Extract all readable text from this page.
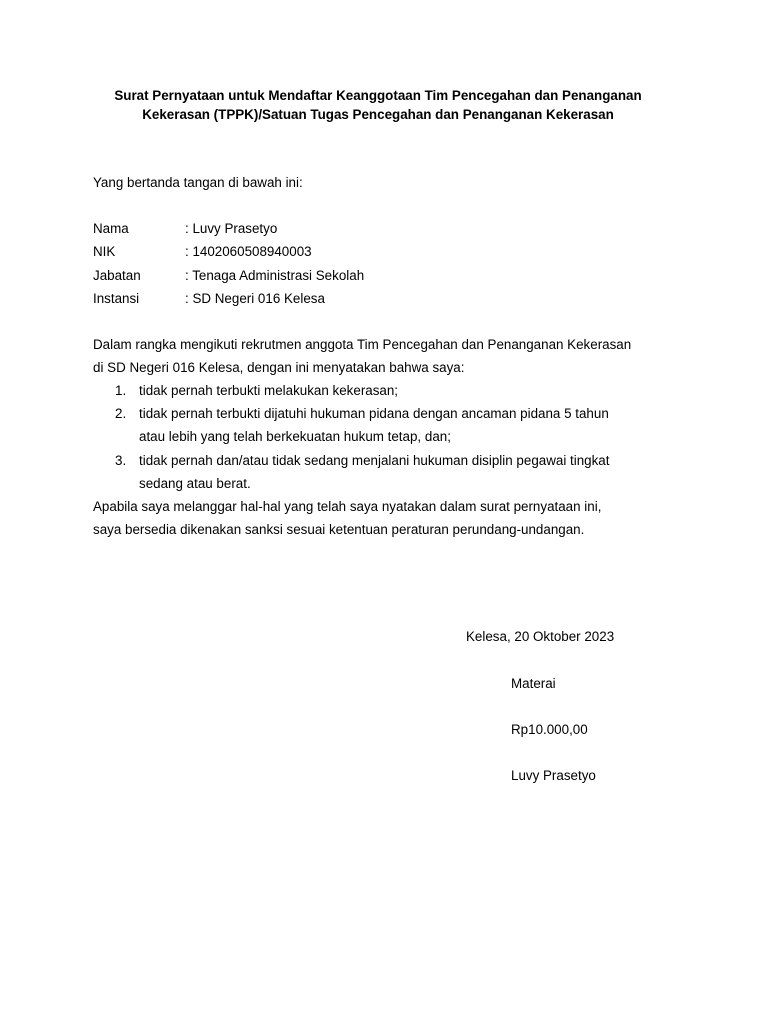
Surat Pernyataan untuk Mendaftar Keanggotaan Tim Pencegahan dan Penanganan
Kekerasan (TPPK)/Satuan Tugas Pencegahan dan Penanganan Kekerasan
Yang bertanda tangan di bawah ini:
Nama	: Luvy Prasetyo
NIK	: 1402060508940003
Jabatan	: Tenaga Administrasi Sekolah
Instansi	: SD Negeri 016 Kelesa
Dalam rangka mengikuti rekrutmen anggota Tim Pencegahan dan Penanganan Kekerasan
di SD Negeri 016 Kelesa, dengan ini menyatakan bahwa saya:
1. tidak pernah terbukti melakukan kekerasan;
2. tidak pernah terbukti dijatuhi hukuman pidana dengan ancaman pidana 5 tahun
atau lebih yang telah berkekuatan hukum tetap, dan;
3. tidak pernah dan/atau tidak sedang menjalani hukuman disiplin pegawai tingkat
sedang atau berat.
Apabila saya melanggar hal-hal yang telah saya nyatakan dalam surat pernyataan ini,
saya bersedia dikenakan sanksi sesuai ketentuan peraturan perundang-undangan.
Kelesa, 20 Oktober 2023
Materai
Rp10.000,00
Luvy Prasetyo
